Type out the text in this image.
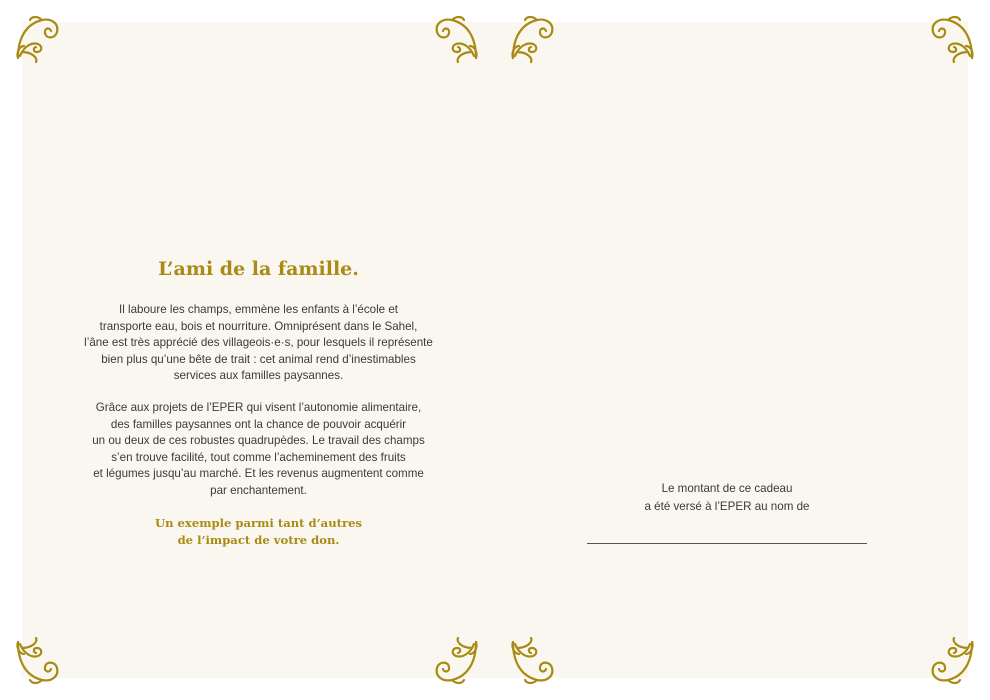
L’ami de la famille.
Il laboure les champs, emmène les enfants à l’école et
transporte eau, bois et nourriture. Omniprésent dans le Sahel,
l’âne est très apprécié des villageois·e·s, pour lesquels il représente
bien plus qu’une bête de trait : cet animal rend d’inestimables
services aux familles paysannes.
Grâce aux projets de l’EPER qui visent l’autonomie alimentaire,
des familles paysannes ont la chance de pouvoir acquérir
un ou deux de ces robustes quadrupèdes. Le travail des champs
s’en trouve facilité, tout comme l’acheminement des fruits
et légumes jusqu’au marché. Et les revenus augmentent comme
par enchantement.
Un exemple parmi tant d’autres
de l’impact de votre don.
Le montant de ce cadeau
a été versé à l’EPER au nom de
